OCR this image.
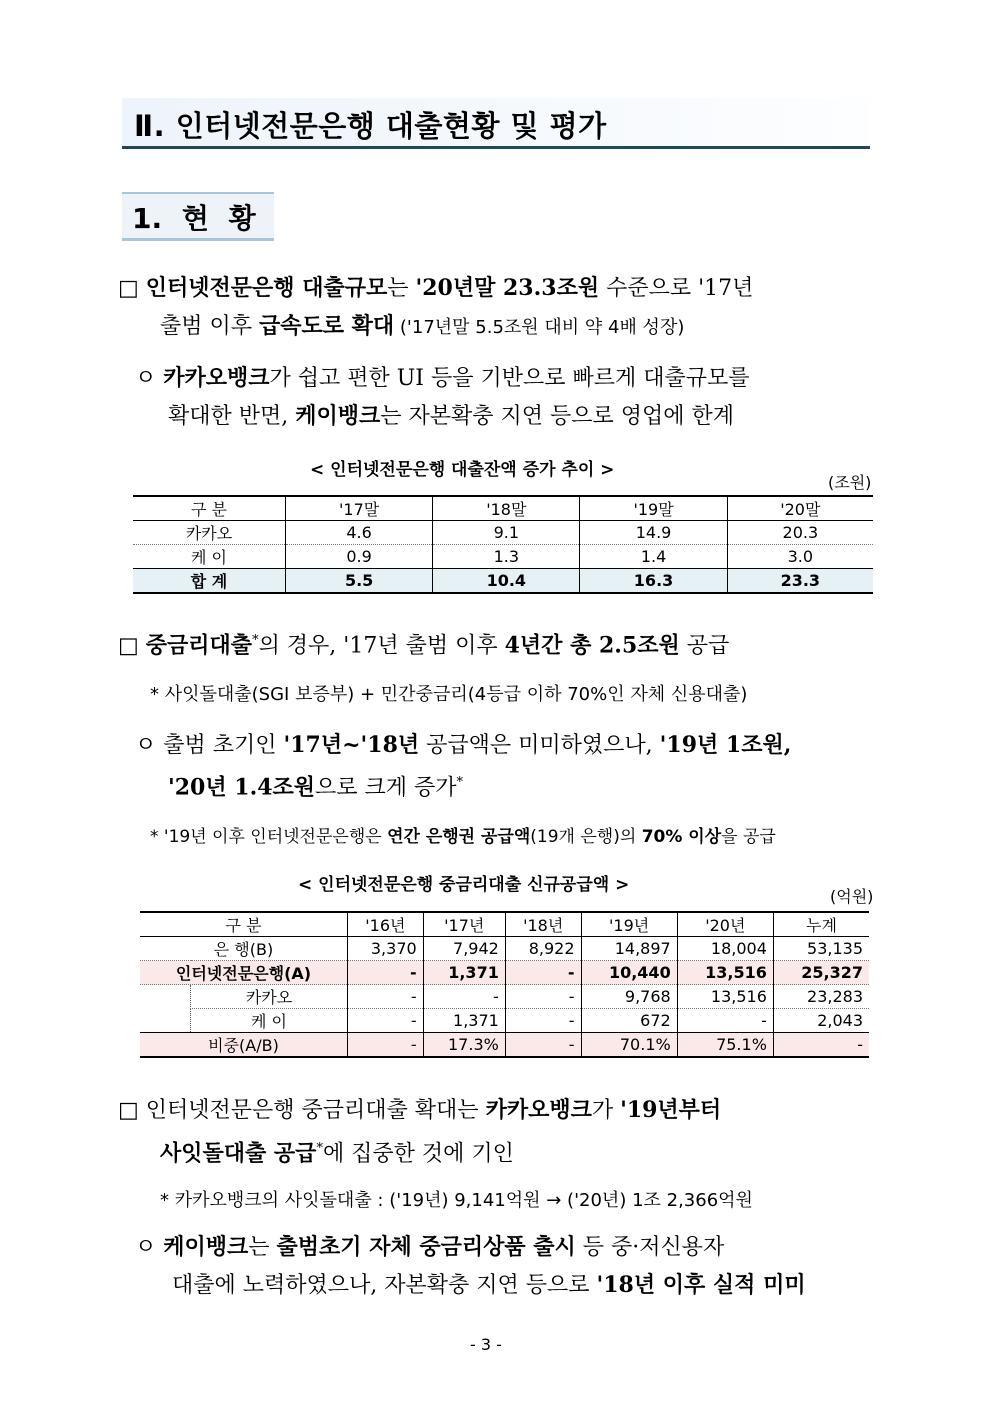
Ⅱ. 인터넷전문은행 대출현황 및 평가
1. 현 황
□ 인터넷전문은행 대출규모는 '20년말 23.3조원 수준으로 '17년
출범 이후 급속도로 확대 ('17년말 5.5조원 대비 약 4배 성장)
ㅇ 카카오뱅크가 쉽고 편한 UI 등을 기반으로 빠르게 대출규모를
확대한 반면, 케이뱅크는 자본확충 지연 등으로 영업에 한계
< 인터넷전문은행 대출잔액 증가 추이 >
(조원)
구 분	'17말	'18말	'19말	'20말
카카오	4.6	9.1	14.9	20.3
케 이	0.9	1.3	1.4	3.0
합 계	5.5	10.4	16.3	23.3
□ 중금리대출*의 경우, '17년 출범 이후 4년간 총 2.5조원 공급
* 사잇돌대출(SGI 보증부) + 민간중금리(4등급 이하 70%인 자체 신용대출)
ㅇ 출범 초기인 '17년~'18년 공급액은 미미하였으나, '19년 1조원,
'20년 1.4조원으로 크게 증가*
* '19년 이후 인터넷전문은행은 연간 은행권 공급액(19개 은행)의 70% 이상을 공급
< 인터넷전문은행 중금리대출 신규공급액 >
(억원)
구 분		'16년	'17년	'18년	'19년	'20년	누계
은 행(B)		3,370	7,942	8,922	14,897	18,004	53,135
인터넷전문은행(A)		-	1,371	-	10,440	13,516	25,327
	카카오	-	-	-	9,768	13,516	23,283
	케 이	-	1,371	-	672	-	2,043
비중(A/B)		-	17.3%	-	70.1%	75.1%	-
□ 인터넷전문은행 중금리대출 확대는 카카오뱅크가 '19년부터
사잇돌대출 공급*에 집중한 것에 기인
* 카카오뱅크의 사잇돌대출 : ('19년) 9,141억원 → ('20년) 1조 2,366억원
ㅇ 케이뱅크는 출범초기 자체 중금리상품 출시 등 중·저신용자
대출에 노력하였으나, 자본확충 지연 등으로 '18년 이후 실적 미미
- 3 -
